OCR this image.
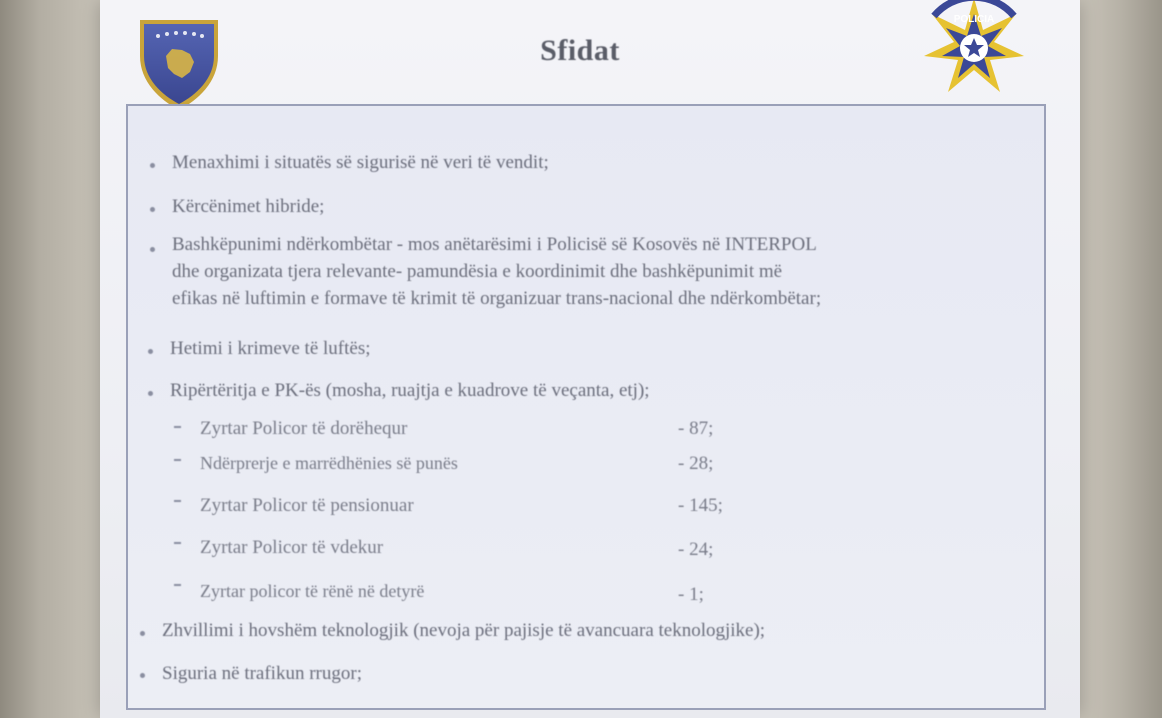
POLICIA
Sfidat
Menaxhimi i situatës së sigurisë në veri të vendit;
Kërcënimet hibride;
Bashkëpunimi ndërkombëtar - mos anëtarësimi i Policisë së Kosovës në INTERPOL
dhe organizata tjera relevante- pamundësia e koordinimit dhe bashkëpunimit më
efikas në luftimin e formave të krimit të organizuar trans-nacional dhe ndërkombëtar;
Hetimi i krimeve të luftës;
Ripërtëritja e PK-ës (mosha, ruajtja e kuadrove të veçanta, etj);
Zyrtar Policor të dorëhequr	- 87;
Ndërprerje e marrëdhënies së punës	- 28;
Zyrtar Policor të pensionuar	- 145;
Zyrtar Policor të vdekur	- 24;
Zyrtar policor të rënë në detyrë	- 1;
Zhvillimi i hovshëm teknologjik (nevoja për pajisje të avancuara teknologjike);
Siguria në trafikun rrugor;
